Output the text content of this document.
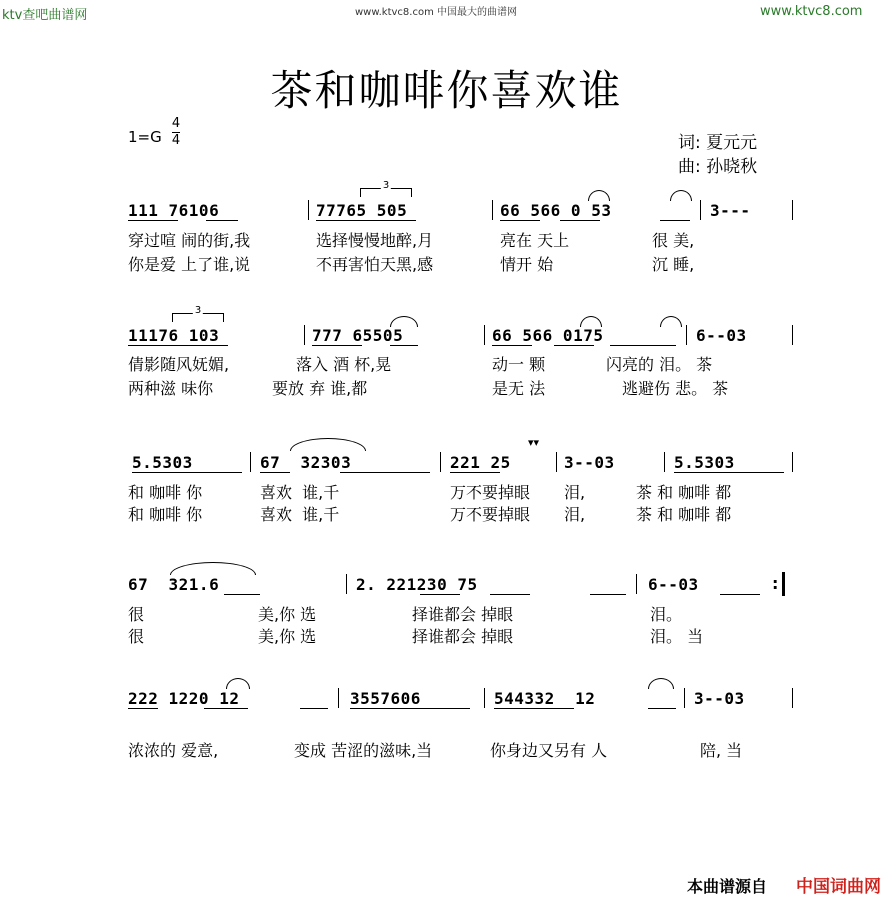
ktv查吧曲谱网	www.ktvc8.com 中国最大的曲谱网	www.ktvc8.com
茶和咖啡你喜欢谁
1=G
4
4	词: 夏元元
曲: 孙晓秋
111 76106	77765 505	66 566 0 53	3---
3
穿过喧 闹的街,我	选择慢慢地醉,月	亮在 天上	很 美,
你是爱 上了谁,说	不再害怕天黑,感	情开 始	沉 睡,
11176 103	777 65505	66 566 0175	6--03
3
倩影随风妩媚,	落入 酒 杯,晃	动一 颗	闪亮的 泪。 茶
两种滋 味你	要放 弃 谁,都	是无 法	逃避伤 悲。 茶
5.5303	67  32303	221 25	3--03	5.5303
▾▾
和 咖啡 你	喜欢  谁,千	万不要掉眼 泪,	茶 和 咖啡 都
和 咖啡 你	喜欢  谁,千	万不要掉眼 泪,	茶 和 咖啡 都
67  321.6	2. 221230 75	6--03	:
很	美,你 选	择谁都会 掉眼	泪。
很	美,你 选	择谁都会 掉眼	泪。 当
222 1220 12	3557606	544332  12	3--03
浓浓的 爱意,	变成 苦涩的滋味,当	你身边又另有 人	陪, 当
本曲谱源自 中国词曲网
